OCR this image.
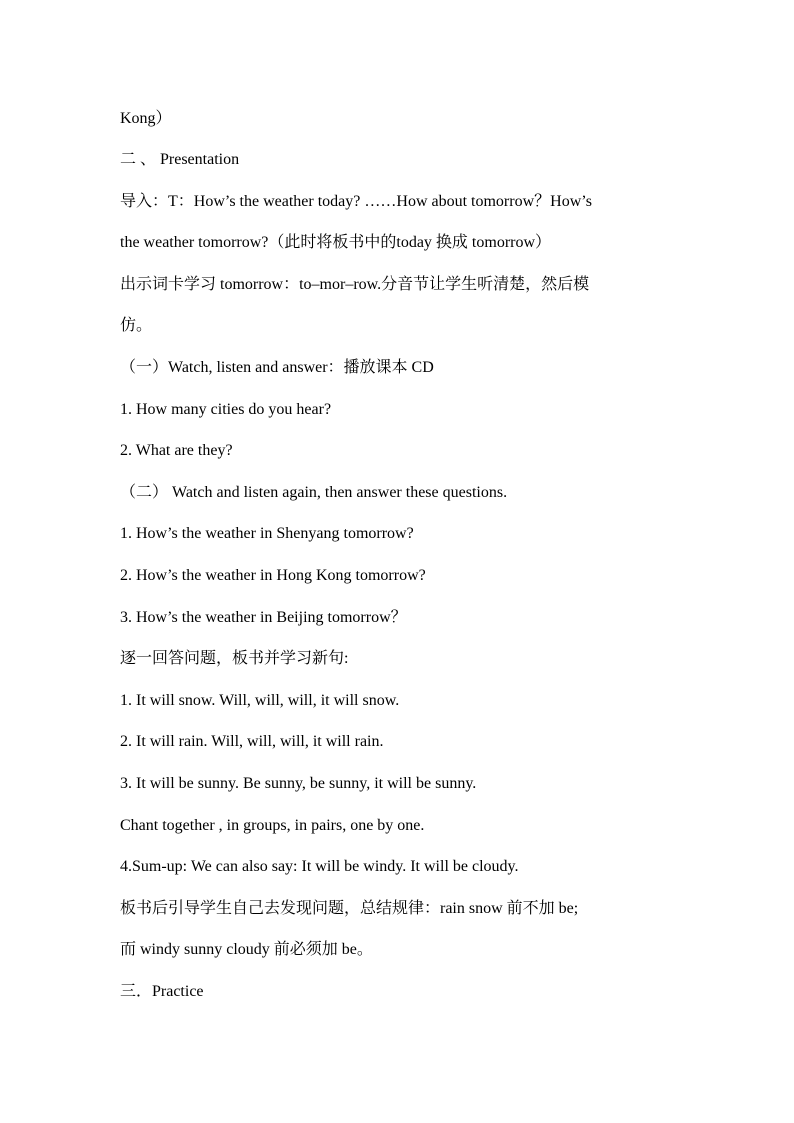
Kong）
二 、 Presentation
导入：T：How’s the weather today? ……How about tomorrow？How’s
the weather tomorrow?（此时将板书中的today 换成 tomorrow）
出示词卡学习 tomorrow：to–mor–row.分音节让学生听清楚，然后模
仿。
（一）Watch, listen and answer：播放课本 CD
1. How many cities do you hear?
2. What are they?
（二） Watch and listen again, then answer these questions.
1. How’s the weather in Shenyang tomorrow?
2. How’s the weather in Hong Kong tomorrow?
3. How’s the weather in Beijing tomorrow？
逐一回答问题，板书并学习新句:
1. It will snow. Will, will, will, it will snow.
2. It will rain. Will, will, will, it will rain.
3. It will be sunny. Be sunny, be sunny, it will be sunny.
Chant together , in groups, in pairs, one by one.
4.Sum-up: We can also say: It will be windy. It will be cloudy.
板书后引导学生自己去发现问题，总结规律：rain snow 前不加 be;
而 windy sunny cloudy 前必须加 be。
三．Practice
